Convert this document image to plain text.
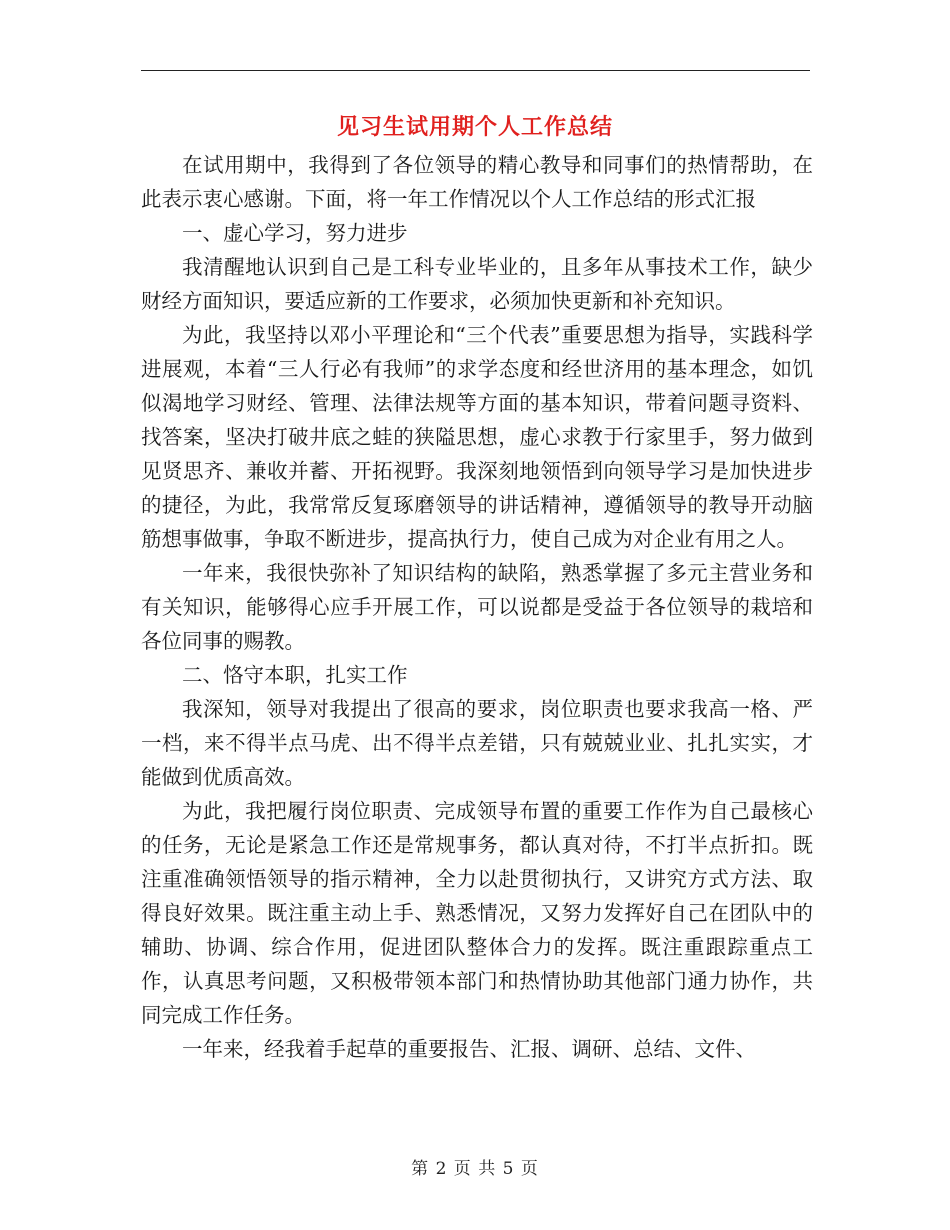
见习生试用期个人工作总结

在试用期中，我得到了各位领导的精心教导和同事们的热情帮助，在此表示衷心感谢。下面，将一年工作情况以个人工作总结的形式汇报

一、虚心学习，努力进步

我清醒地认识到自己是工科专业毕业的，且多年从事技术工作，缺少财经方面知识，要适应新的工作要求，必须加快更新和补充知识。

为此，我坚持以邓小平理论和“三个代表”重要思想为指导，实践科学进展观，本着“三人行必有我师”的求学态度和经世济用的基本理念，如饥似渴地学习财经、管理、法律法规等方面的基本知识，带着问题寻资料、找答案，坚决打破井底之蛙的狭隘思想，虚心求教于行家里手，努力做到见贤思齐、兼收并蓄、开拓视野。我深刻地领悟到向领导学习是加快进步的捷径，为此，我常常反复琢磨领导的讲话精神，遵循领导的教导开动脑筋想事做事，争取不断进步，提高执行力，使自己成为对企业有用之人。

一年来，我很快弥补了知识结构的缺陷，熟悉掌握了多元主营业务和有关知识，能够得心应手开展工作，可以说都是受益于各位领导的栽培和各位同事的赐教。

二、恪守本职，扎实工作

我深知，领导对我提出了很高的要求，岗位职责也要求我高一格、严一档，来不得半点马虎、出不得半点差错，只有兢兢业业、扎扎实实，才能做到优质高效。

为此，我把履行岗位职责、完成领导布置的重要工作作为自己最核心的任务，无论是紧急工作还是常规事务，都认真对待，不打半点折扣。既注重准确领悟领导的指示精神，全力以赴贯彻执行，又讲究方式方法、取得良好效果。既注重主动上手、熟悉情况，又努力发挥好自己在团队中的辅助、协调、综合作用，促进团队整体合力的发挥。既注重跟踪重点工作，认真思考问题，又积极带领本部门和热情协助其他部门通力协作，共同完成工作任务。

一年来，经我着手起草的重要报告、汇报、调研、总结、文件、

第 2 页 共 5 页
